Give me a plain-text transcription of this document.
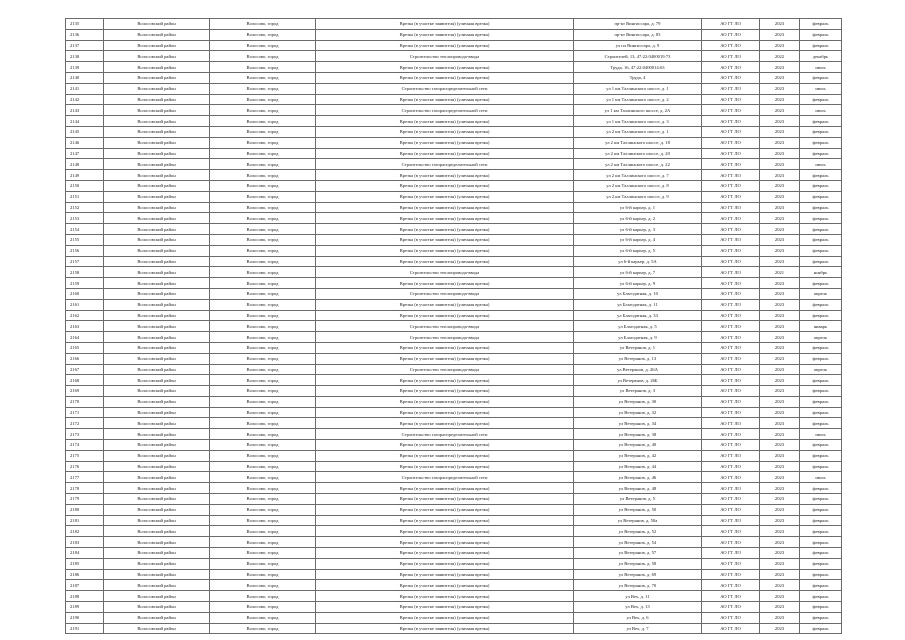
2135	Волосовский район	Волосово, город	Врезка (в участке заявителя) (уличная врезка)	пр-кт Вингиссара, д. 79	АО ГТ ЛО	2023	февраль
2136	Волосовский район	Волосово, город	Врезка (в участке заявителя) (уличная врезка)	пр-кт Вингиссара, д. 83	АО ГТ ЛО	2023	февраль
2137	Волосовский район	Волосово, город	Врезка (в участке заявителя) (уличная врезка)	ул пл Вингиссара, д. 9	АО ГТ ЛО	2023	февраль
2138	Волосовский район	Волосово, город	Строительство теплопровода-ввода	Строителей, 13, 47:22:0400019:73	АО ГТ ЛО	2022	декабрь
2139	Волосовский район	Волосово, город	Врезка (в участке заявителя) (уличная врезка)	Труда, 16, 47:22:0400014:63	АО ГТ ЛО	2023	июль
2140	Волосовский район	Волосово, город	Врезка (в участке заявителя) (уличная врезка)	Труда, 4	АО ГТ ЛО	2023	февраль
2141	Волосовский район	Волосово, город	Строительство газораспределительной сети	ул 1 км Таллинского шоссе, д. 1	АО ГТ ЛО	2023	июль
2142	Волосовский район	Волосово, город	Врезка (в участке заявителя) (уличная врезка)	ул 1 км Таллинского шоссе, д. 2	АО ГТ ЛО	2023	февраль
2143	Волосовский район	Волосово, город	Строительство газораспределительной сети	ул 1 км Таллинского шоссе, д. 2А	АО ГТ ЛО	2023	июль
2144	Волосовский район	Волосово, город	Врезка (в участке заявителя) (уличная врезка)	ул 1 км Таллинского шоссе, д. 3	АО ГТ ЛО	2023	февраль
2145	Волосовский район	Волосово, город	Врезка (в участке заявителя) (уличная врезка)	ул 2 км Таллинского шоссе, д. 1	АО ГТ ЛО	2023	февраль
2146	Волосовский район	Волосово, город	Врезка (в участке заявителя) (уличная врезка)	ул 2 км Таллинского шоссе, д. 18	АО ГТ ЛО	2023	февраль
2147	Волосовский район	Волосово, город	Врезка (в участке заявителя) (уличная врезка)	ул 2 км Таллинского шоссе, д. 20	АО ГТ ЛО	2023	февраль
2148	Волосовский район	Волосово, город	Строительство газораспределительной сети	ул 2 км Таллинского шоссе, д. 22	АО ГТ ЛО	2023	июль
2149	Волосовский район	Волосово, город	Врезка (в участке заявителя) (уличная врезка)	ул 2 км Таллинского шоссе, д. 7	АО ГТ ЛО	2023	февраль
2150	Волосовский район	Волосово, город	Врезка (в участке заявителя) (уличная врезка)	ул 2 км Таллинского шоссе, д. 8	АО ГТ ЛО	2023	февраль
2151	Волосовский район	Волосово, город	Врезка (в участке заявителя) (уличная врезка)	ул 2 км Таллинского шоссе, д. 9	АО ГТ ЛО	2023	февраль
2152	Волосовский район	Волосово, город	Врезка (в участке заявителя) (уличная врезка)	ул 6-й карьер, д. 1	АО ГТ ЛО	2023	февраль
2153	Волосовский район	Волосово, город	Врезка (в участке заявителя) (уличная врезка)	ул 6-й карьер, д. 2	АО ГТ ЛО	2023	февраль
2154	Волосовский район	Волосово, город	Врезка (в участке заявителя) (уличная врезка)	ул 6-й карьер, д. 3	АО ГТ ЛО	2023	февраль
2155	Волосовский район	Волосово, город	Врезка (в участке заявителя) (уличная врезка)	ул 6-й карьер, д. 4	АО ГТ ЛО	2023	февраль
2156	Волосовский район	Волосово, город	Врезка (в участке заявителя) (уличная врезка)	ул 6-й карьер, д. 5	АО ГТ ЛО	2023	февраль
2157	Волосовский район	Волосово, город	Врезка (в участке заявителя) (уличная врезка)	ул 6-й карьер, д. 5А	АО ГТ ЛО	2023	февраль
2158	Волосовский район	Волосово, город	Строительство теплопровода-ввода	ул 6-й карьер, д. 7	АО ГТ ЛО	2021	ноябрь
2159	Волосовский район	Волосово, город	Врезка (в участке заявителя) (уличная врезка)	ул 6-й карьер, д. 9	АО ГТ ЛО	2023	февраль
2160	Волосовский район	Волосово, город	Строительство теплопровода-ввода	ул Благодатная, д. 10	АО ГТ ЛО	2023	апрель
2161	Волосовский район	Волосово, город	Врезка (в участке заявителя) (уличная врезка)	ул Благодатная, д. 11	АО ГТ ЛО	2023	февраль
2162	Волосовский район	Волосово, город	Врезка (в участке заявителя) (уличная врезка)	ул Благодатная, д. 33	АО ГТ ЛО	2023	февраль
2163	Волосовский район	Волосово, город	Строительство теплопровода-ввода	ул Благодатная, д. 5	АО ГТ ЛО	2023	январь
2164	Волосовский район	Волосово, город	Строительство теплопровода-ввода	ул Благодатная, д. 9	АО ГТ ЛО	2023	апрель
2165	Волосовский район	Волосово, город	Врезка (в участке заявителя) (уличная врезка)	ул Ветеранов, д. 1	АО ГТ ЛО	2023	февраль
2166	Волосовский район	Волосово, город	Врезка (в участке заявителя) (уличная врезка)	ул Ветеранов, д. 13	АО ГТ ЛО	2023	февраль
2167	Волосовский район	Волосово, город	Строительство теплопровода-ввода	ул Ветеранов, д. 26А	АО ГТ ЛО	2023	апрель
2168	Волосовский район	Волосово, город	Врезка (в участке заявителя) (уличная врезка)	ул Ветеранов, д. 26Б	АО ГТ ЛО	2023	февраль
2169	Волосовский район	Волосово, город	Врезка (в участке заявителя) (уличная врезка)	ул Ветеранов, д. 3	АО ГТ ЛО	2023	февраль
2170	Волосовский район	Волосово, город	Врезка (в участке заявителя) (уличная врезка)	ул Ветеранов, д. 30	АО ГТ ЛО	2023	февраль
2171	Волосовский район	Волосово, город	Врезка (в участке заявителя) (уличная врезка)	ул Ветеранов, д. 32	АО ГТ ЛО	2023	февраль
2172	Волосовский район	Волосово, город	Врезка (в участке заявителя) (уличная врезка)	ул Ветеранов, д. 34	АО ГТ ЛО	2023	февраль
2173	Волосовский район	Волосово, город	Строительство газораспределительной сети	ул Ветеранов, д. 38	АО ГТ ЛО	2023	июль
2174	Волосовский район	Волосово, город	Врезка (в участке заявителя) (уличная врезка)	ул Ветеранов, д. 40	АО ГТ ЛО	2023	февраль
2175	Волосовский район	Волосово, город	Врезка (в участке заявителя) (уличная врезка)	ул Ветеранов, д. 42	АО ГТ ЛО	2023	февраль
2176	Волосовский район	Волосово, город	Врезка (в участке заявителя) (уличная врезка)	ул Ветеранов, д. 44	АО ГТ ЛО	2023	февраль
2177	Волосовский район	Волосово, город	Строительство газораспределительной сети	ул Ветеранов, д. 46	АО ГТ ЛО	2023	июль
2178	Волосовский район	Волосово, город	Врезка (в участке заявителя) (уличная врезка)	ул Ветеранов, д. 48	АО ГТ ЛО	2023	февраль
2179	Волосовский район	Волосово, город	Врезка (в участке заявителя) (уличная врезка)	ул Ветеранов, д. 5	АО ГТ ЛО	2023	февраль
2180	Волосовский район	Волосово, город	Врезка (в участке заявителя) (уличная врезка)	ул Ветеранов, д. 50	АО ГТ ЛО	2023	февраль
2181	Волосовский район	Волосово, город	Врезка (в участке заявителя) (уличная врезка)	ул Ветеранов, д. 50а	АО ГТ ЛО	2023	февраль
2182	Волосовский район	Волосово, город	Врезка (в участке заявителя) (уличная врезка)	ул Ветеранов, д. 52	АО ГТ ЛО	2023	февраль
2183	Волосовский район	Волосово, город	Врезка (в участке заявителя) (уличная врезка)	ул Ветеранов, д. 54	АО ГТ ЛО	2023	февраль
2184	Волосовский район	Волосово, город	Врезка (в участке заявителя) (уличная врезка)	ул Ветеранов, д. 57	АО ГТ ЛО	2023	февраль
2185	Волосовский район	Волосово, город	Врезка (в участке заявителя) (уличная врезка)	ул Ветеранов, д. 58	АО ГТ ЛО	2023	февраль
2186	Волосовский район	Волосово, город	Врезка (в участке заявителя) (уличная врезка)	ул Ветеранов, д. 69	АО ГТ ЛО	2023	февраль
2187	Волосовский район	Волосово, город	Врезка (в участке заявителя) (уличная врезка)	ул Ветеранов, д. 70	АО ГТ ЛО	2023	февраль
2188	Волосовский район	Волосово, город	Врезка (в участке заявителя) (уличная врезка)	ул Вех, д. 11	АО ГТ ЛО	2023	февраль
2189	Волосовский район	Волосово, город	Врезка (в участке заявителя) (уличная врезка)	ул Вех, д. 13	АО ГТ ЛО	2023	февраль
2190	Волосовский район	Волосово, город	Врезка (в участке заявителя) (уличная врезка)	ул Вех, д. 6	АО ГТ ЛО	2023	февраль
2191	Волосовский район	Волосово, город	Врезка (в участке заявителя) (уличная врезка)	ул Вех, д. 7	АО ГТ ЛО	2023	февраль
